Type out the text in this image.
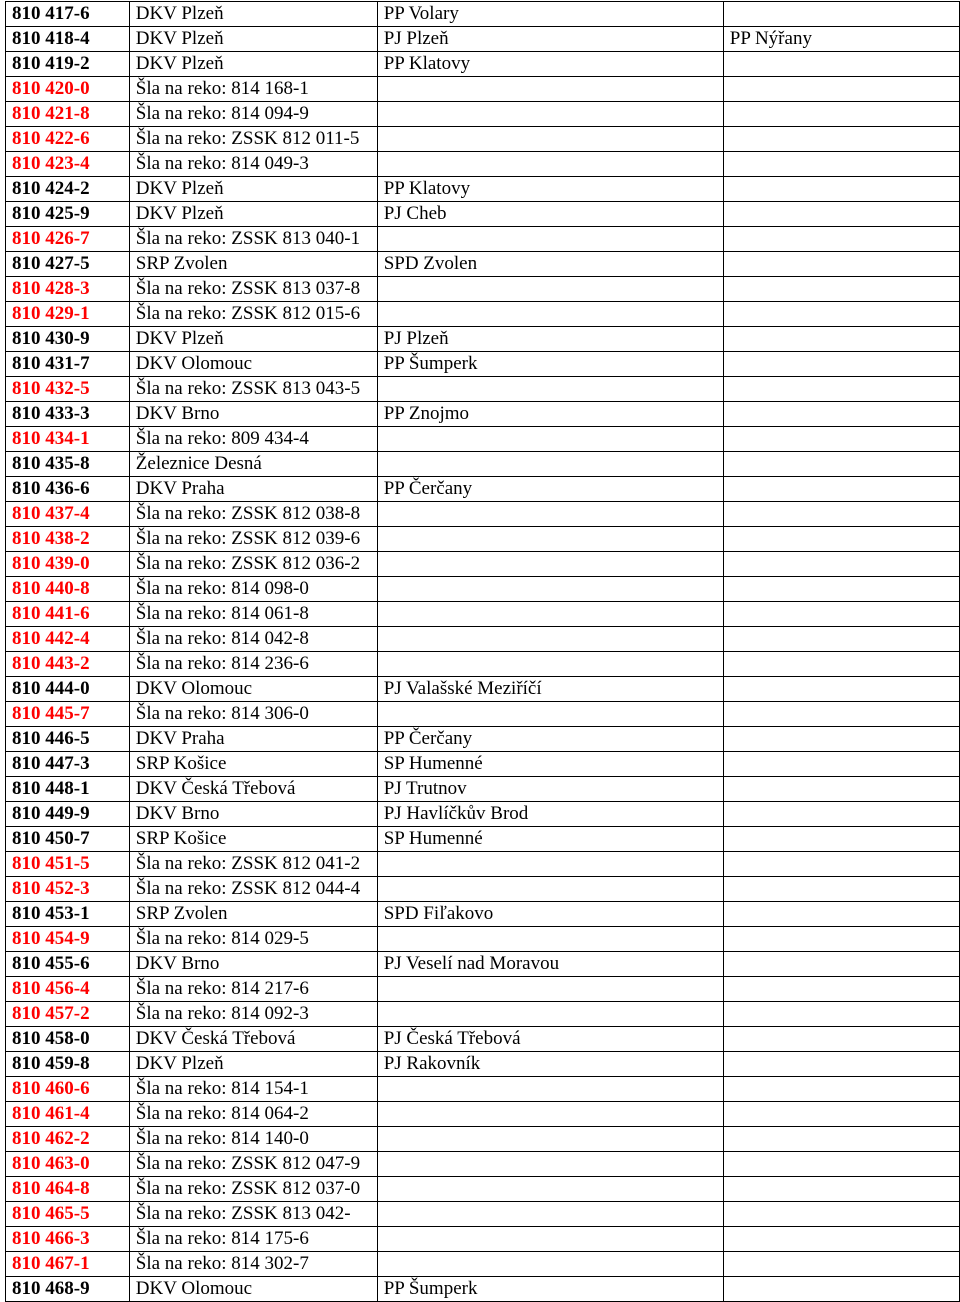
810 417-6	DKV Plzeň	PP Volary	
810 418-4	DKV Plzeň	PJ Plzeň	PP Nýřany
810 419-2	DKV Plzeň	PP Klatovy	
810 420-0	Šla na reko: 814 168-1		
810 421-8	Šla na reko: 814 094-9		
810 422-6	Šla na reko: ZSSK 812 011-5		
810 423-4	Šla na reko: 814 049-3		
810 424-2	DKV Plzeň	PP Klatovy	
810 425-9	DKV Plzeň	PJ Cheb	
810 426-7	Šla na reko: ZSSK 813 040-1		
810 427-5	SRP Zvolen	SPD Zvolen	
810 428-3	Šla na reko: ZSSK 813 037-8		
810 429-1	Šla na reko: ZSSK 812 015-6		
810 430-9	DKV Plzeň	PJ Plzeň	
810 431-7	DKV Olomouc	PP Šumperk	
810 432-5	Šla na reko: ZSSK 813 043-5		
810 433-3	DKV Brno	PP Znojmo	
810 434-1	Šla na reko: 809 434-4		
810 435-8	Železnice Desná		
810 436-6	DKV Praha	PP Čerčany	
810 437-4	Šla na reko: ZSSK 812 038-8		
810 438-2	Šla na reko: ZSSK 812 039-6		
810 439-0	Šla na reko: ZSSK 812 036-2		
810 440-8	Šla na reko: 814 098-0		
810 441-6	Šla na reko: 814 061-8		
810 442-4	Šla na reko: 814 042-8		
810 443-2	Šla na reko: 814 236-6		
810 444-0	DKV Olomouc	PJ Valašské Meziříčí	
810 445-7	Šla na reko: 814 306-0		
810 446-5	DKV Praha	PP Čerčany	
810 447-3	SRP Košice	SP Humenné	
810 448-1	DKV Česká Třebová	PJ Trutnov	
810 449-9	DKV Brno	PJ Havlíčkův Brod	
810 450-7	SRP Košice	SP Humenné	
810 451-5	Šla na reko: ZSSK 812 041-2		
810 452-3	Šla na reko: ZSSK 812 044-4		
810 453-1	SRP Zvolen	SPD Fiľakovo	
810 454-9	Šla na reko: 814 029-5		
810 455-6	DKV Brno	PJ Veselí nad Moravou	
810 456-4	Šla na reko: 814 217-6		
810 457-2	Šla na reko: 814 092-3		
810 458-0	DKV Česká Třebová	PJ Česká Třebová	
810 459-8	DKV Plzeň	PJ Rakovník	
810 460-6	Šla na reko: 814 154-1		
810 461-4	Šla na reko: 814 064-2		
810 462-2	Šla na reko: 814 140-0		
810 463-0	Šla na reko: ZSSK 812 047-9		
810 464-8	Šla na reko: ZSSK 812 037-0		
810 465-5	Šla na reko: ZSSK 813 042-		
810 466-3	Šla na reko: 814 175-6		
810 467-1	Šla na reko: 814 302-7		
810 468-9	DKV Olomouc	PP Šumperk	
